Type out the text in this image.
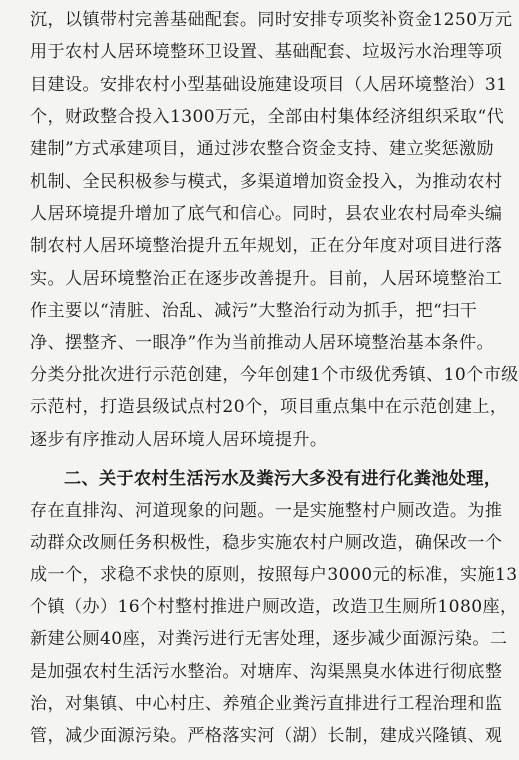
沉，以镇带村完善基础配套。同时安排专项奖补资金1250万元
用于农村人居环境整环卫设置、基础配套、垃圾污水治理等项
目建设。安排农村小型基础设施建设项目（人居环境整治）31
个，财政整合投入1300万元，全部由村集体经济组织采取“代
建制”方式承建项目，通过涉农整合资金支持、建立奖惩激励
机制、全民积极参与模式，多渠道增加资金投入，为推动农村
人居环境提升增加了底气和信心。同时，县农业农村局牵头编
制农村人居环境整治提升五年规划，正在分年度对项目进行落
实。人居环境整治正在逐步改善提升。目前，人居环境整治工
作主要以“清脏、治乱、减污”大整治行动为抓手，把“扫干
净、摆整齐、一眼净”作为当前推动人居环境整治基本条件。
分类分批次进行示范创建，今年创建1个市级优秀镇、10个市级
示范村，打造县级试点村20个，项目重点集中在示范创建上，
逐步有序推动人居环境人居环境提升。
二、关于农村生活污水及粪污大多没有进行化粪池处理，
存在直排沟、河道现象的问题。一是实施整村户厕改造。为推
动群众改厕任务积极性，稳步实施农村户厕改造，确保改一个
成一个，求稳不求快的原则，按照每户3000元的标准，实施13
个镇（办）16个村整村推进户厕改造，改造卫生厕所1080座，
新建公厕40座，对粪污进行无害处理，逐步减少面源污染。二
是加强农村生活污水整治。对塘库、沟渠黑臭水体进行彻底整
治，对集镇、中心村庄、养殖企业粪污直排进行工程治理和监
管，减少面源污染。严格落实河（湖）长制，建成兴隆镇、观
